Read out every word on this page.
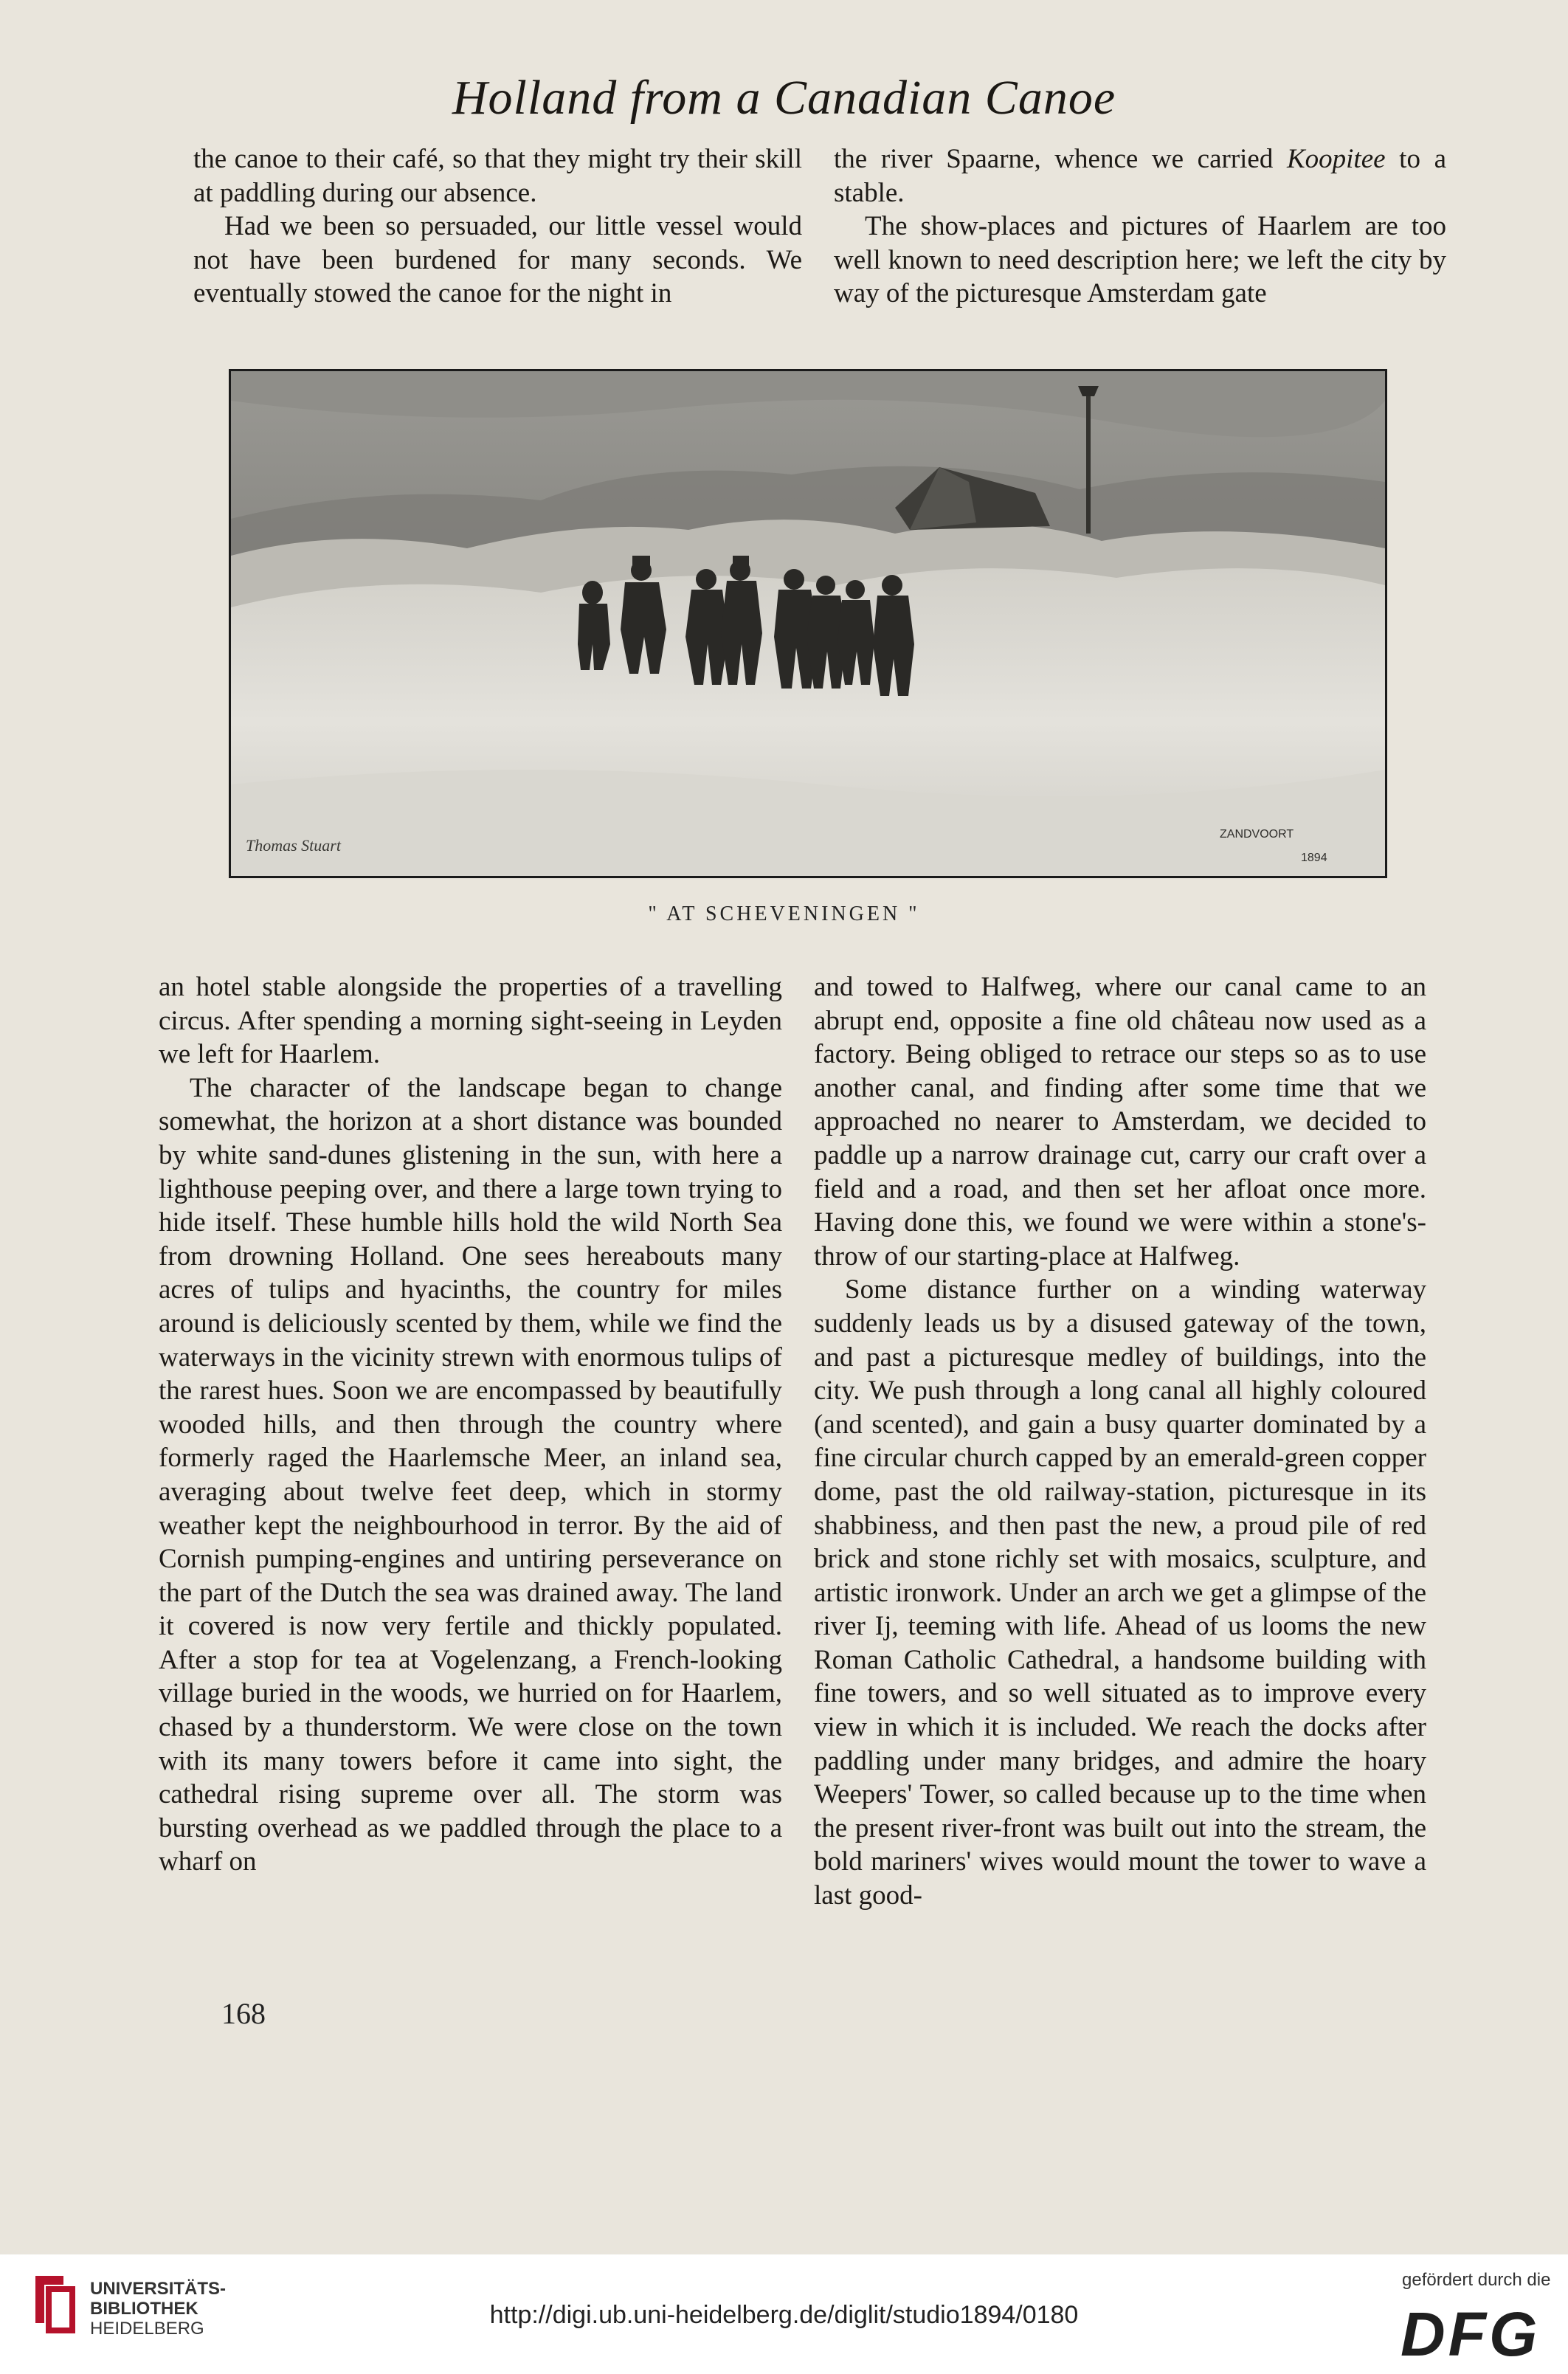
Holland from a Canadian Canoe

the canoe to their café, so that they might try their skill at paddling during our absence.

Had we been so persuaded, our little vessel would not have been burdened for many seconds. We eventually stowed the canoe for the night in

the river Spaarne, whence we carried Koopitee to a stable.

The show-places and pictures of Haarlem are too well known to need description here; we left the city by way of the picturesque Amsterdam gate

Thomas Stuart
ZANDVOORT
1894
" AT SCHEVENINGEN "

an hotel stable alongside the properties of a travelling circus. After spending a morning sight-seeing in Leyden we left for Haarlem.

The character of the landscape began to change somewhat, the horizon at a short distance was bounded by white sand-dunes glistening in the sun, with here a lighthouse peeping over, and there a large town trying to hide itself. These humble hills hold the wild North Sea from drowning Holland. One sees hereabouts many acres of tulips and hyacinths, the country for miles around is deliciously scented by them, while we find the waterways in the vicinity strewn with enormous tulips of the rarest hues. Soon we are encompassed by beautifully wooded hills, and then through the country where formerly raged the Haarlemsche Meer, an inland sea, averaging about twelve feet deep, which in stormy weather kept the neighbourhood in terror. By the aid of Cornish pumping-engines and untiring perseverance on the part of the Dutch the sea was drained away. The land it covered is now very fertile and thickly populated. After a stop for tea at Vogelenzang, a French-looking village buried in the woods, we hurried on for Haarlem, chased by a thunderstorm. We were close on the town with its many towers before it came into sight, the cathedral rising supreme over all. The storm was bursting overhead as we paddled through the place to a wharf on

and towed to Halfweg, where our canal came to an abrupt end, opposite a fine old château now used as a factory. Being obliged to retrace our steps so as to use another canal, and finding after some time that we approached no nearer to Amsterdam, we decided to paddle up a narrow drainage cut, carry our craft over a field and a road, and then set her afloat once more. Having done this, we found we were within a stone's-throw of our starting-place at Halfweg.

Some distance further on a winding waterway suddenly leads us by a disused gateway of the town, and past a picturesque medley of buildings, into the city. We push through a long canal all highly coloured (and scented), and gain a busy quarter dominated by a fine circular church capped by an emerald-green copper dome, past the old railway-station, picturesque in its shabbiness, and then past the new, a proud pile of red brick and stone richly set with mosaics, sculpture, and artistic ironwork. Under an arch we get a glimpse of the river Ij, teeming with life. Ahead of us looms the new Roman Catholic Cathedral, a handsome building with fine towers, and so well situated as to improve every view in which it is included. We reach the docks after paddling under many bridges, and admire the hoary Weepers' Tower, so called because up to the time when the present river-front was built out into the stream, the bold mariners' wives would mount the tower to wave a last good-

168
UNIVERSITÄTS-
BIBLIOTHEK
HEIDELBERG	http://digi.ub.uni-heidelberg.de/diglit/studio1894/0180
gefördert durch die
DFG
